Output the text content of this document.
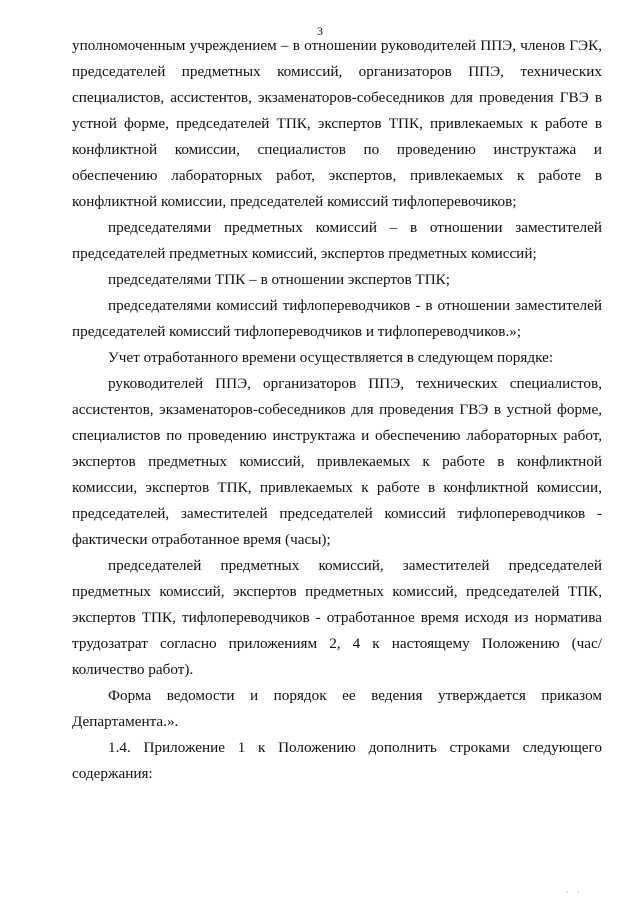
3

уполномоченным учреждением – в отношении руководителей ППЭ, членов ГЭК, председателей предметных комиссий, организаторов ППЭ, технических специалистов, ассистентов, экзаменаторов-собеседников для проведения ГВЭ в устной форме, председателей ТПК, экспертов ТПК, привлекаемых к работе в конфликтной комиссии, специалистов по проведению инструктажа и обеспечению лабораторных работ, экспертов, привлекаемых к работе в конфликтной комиссии, председателей комиссий тифлоперевочиков;

председателями предметных комиссий – в отношении заместителей председателей предметных комиссий, экспертов предметных комиссий;

председателями ТПК – в отношении экспертов ТПК;

председателями комиссий тифлопереводчиков - в отношении заместителей председателей комиссий тифлопереводчиков и тифлопереводчиков.»;

Учет отработанного времени осуществляется в следующем порядке:

руководителей ППЭ, организаторов ППЭ, технических специалистов, ассистентов, экзаменаторов-собеседников для проведения ГВЭ в устной форме, специалистов по проведению инструктажа и обеспечению лабораторных работ, экспертов предметных комиссий, привлекаемых к работе в конфликтной комиссии, экспертов ТПК, привлекаемых к работе в конфликтной комиссии, председателей, заместителей председателей комиссий тифлопереводчиков - фактически отработанное время (часы);

председателей предметных комиссий, заместителей председателей предметных комиссий, экспертов предметных комиссий, председателей ТПК, экспертов ТПК, тифлопереводчиков - отработанное время исходя из норматива трудозатрат согласно приложениям 2, 4 к настоящему Положению (час/количество работ).

Форма ведомости и порядок ее ведения утверждается приказом Департамента.».

1.4. Приложение 1 к Положению дополнить строками следующего содержания:

· ·
